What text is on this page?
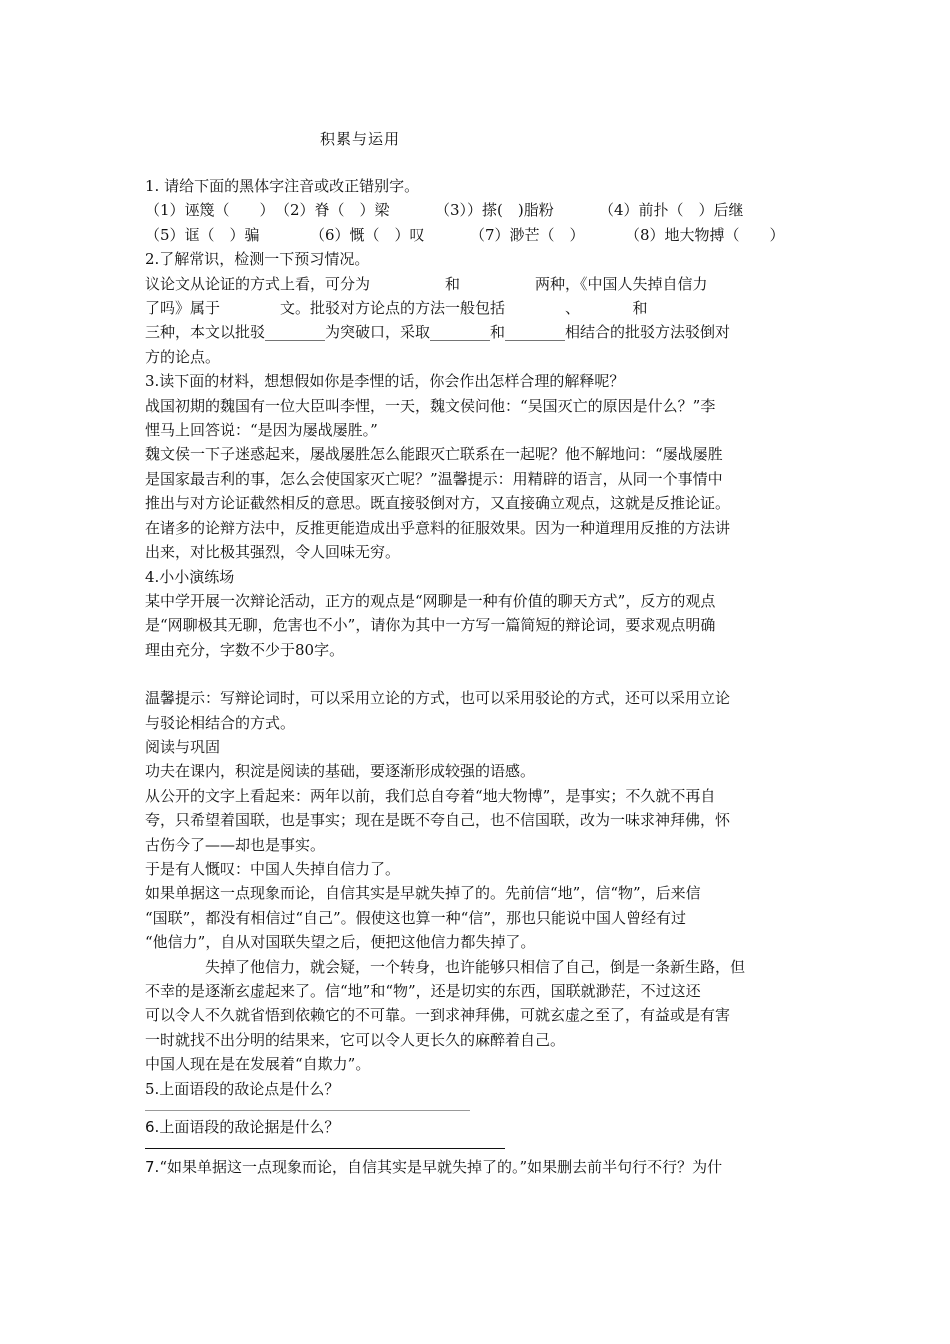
积累与运用
1. 请给下面的黑体字注音或改正错别字。
（1）诬篾（　　） （2）脊（　）梁	（3））搽(　)脂粉	（4）前扑（　）后继
（5）诓（　）骗	（6）慨（　）叹	（7）渺芒（　）	（8）地大物搏（　　）
2.了解常识，检测一下预习情况。
议论文从论证的方式上看，可分为　　　　　和　　　　　两种，《中国人失掉自信力
了吗》属于　　　　文。批驳对方论点的方法一般包括　　　　、　　　　和
三种，本文以批驳________为突破口，采取________和________相结合的批驳方法驳倒对
方的论点。
3.读下面的材料，想想假如你是李悝的话，你会作出怎样合理的解释呢？
战国初期的魏国有一位大臣叫李悝，一天，魏文侯问他：“吴国灭亡的原因是什么？”李
悝马上回答说：“是因为屡战屡胜。”
魏文侯一下子迷惑起来，屡战屡胜怎么能跟灭亡联系在一起呢？他不解地问：“屡战屡胜
是国家最吉利的事，怎么会使国家灭亡呢？”温馨提示：用精辟的语言，从同一个事情中
推出与对方论证截然相反的意思。既直接驳倒对方，又直接确立观点，这就是反推论证。
在诸多的论辩方法中，反推更能造成出乎意料的征服效果。因为一种道理用反推的方法讲
出来，对比极其强烈，令人回味无穷。
4.小小演练场
某中学开展一次辩论活动，正方的观点是“网聊是一种有价值的聊天方式”，反方的观点
是“网聊极其无聊，危害也不小”，请你为其中一方写一篇简短的辩论词，要求观点明确
理由充分，字数不少于80字。
温馨提示：写辩论词时，可以采用立论的方式，也可以采用驳论的方式，还可以采用立论
与驳论相结合的方式。
阅读与巩固
功夫在课内，积淀是阅读的基础，要逐渐形成较强的语感。
从公开的文字上看起来：两年以前，我们总自夸着“地大物博”，是事实；不久就不再自
夸，只希望着国联，也是事实；现在是既不夸自己，也不信国联，改为一味求神拜佛，怀
古伤今了——却也是事实。
于是有人慨叹：中国人失掉自信力了。
如果单据这一点现象而论，自信其实是早就失掉了的。先前信“地”，信“物”，后来信
“国联”，都没有相信过“自己”。假使这也算一种“信”，那也只能说中国人曾经有过
“他信力”，自从对国联失望之后，便把这他信力都失掉了。
失掉了他信力，就会疑，一个转身，也许能够只相信了自己，倒是一条新生路，但
不幸的是逐渐玄虚起来了。信“地”和“物”，还是切实的东西，国联就渺茫，不过这还
可以令人不久就省悟到依赖它的不可靠。一到求神拜佛，可就玄虚之至了，有益或是有害
一时就找不出分明的结果来，它可以令人更长久的麻醉着自己。
中国人现在是在发展着“自欺力”。
5.上面语段的敌论点是什么？
6.上面语段的敌论据是什么？
7.“如果单据这一点现象而论，自信其实是早就失掉了的。”如果删去前半句行不行？为什
